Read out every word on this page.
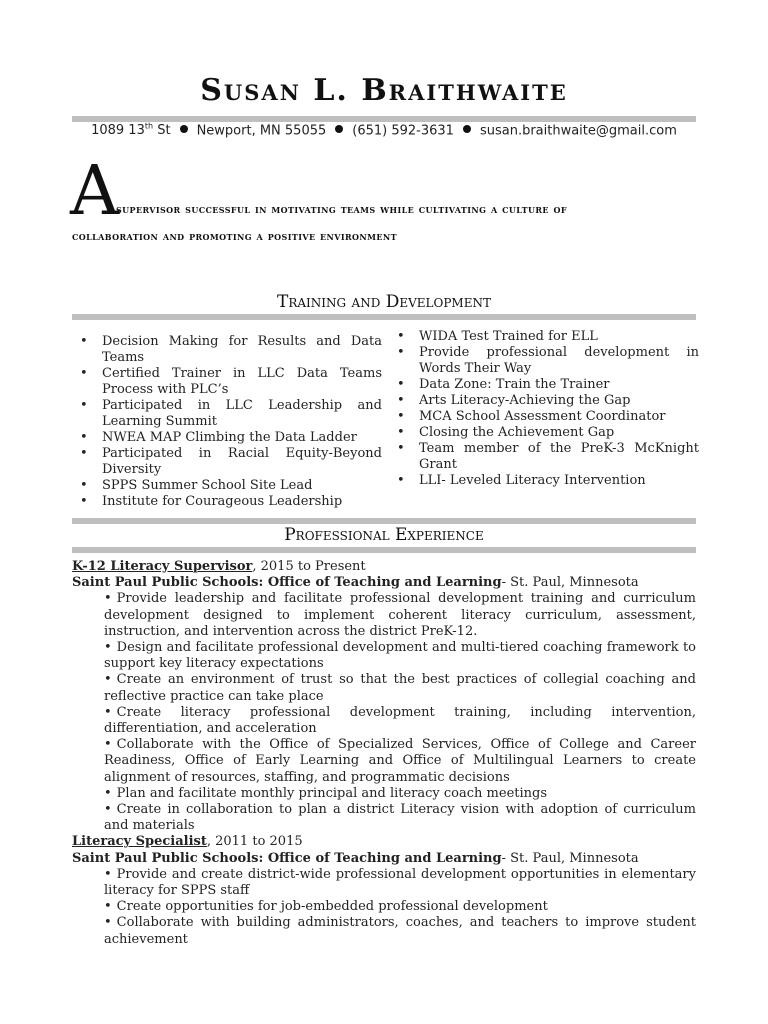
Susan L. Braithwaite
1089 13th St Newport, MN 55055 (651) 592-3631 susan.braithwaite@gmail.com
A
supervisor successful in motivating teams while cultivating a culture of
collaboration and promoting a positive environment
Training and Development
• Decision Making for Results and Data Teams
• Certified Trainer in LLC Data Teams Process with PLC’s
• Participated in LLC Leadership and Learning Summit
• NWEA MAP Climbing the Data Ladder
• Participated in Racial Equity-Beyond Diversity
• SPPS Summer School Site Lead
• Institute for Courageous Leadership
• WIDA Test Trained for ELL
• Provide professional development in Words Their Way
• Data Zone: Train the Trainer
• Arts Literacy-Achieving the Gap
• MCA School Assessment Coordinator
• Closing the Achievement Gap
• Team member of the PreK-3 McKnight Grant
• LLI- Leveled Literacy Intervention
Professional Experience
K-12 Literacy Supervisor, 2015 to Present
Saint Paul Public Schools: Office of Teaching and Learning- St. Paul, Minnesota
• Provide leadership and facilitate professional development training and curriculum development designed to implement coherent literacy curriculum, assessment, instruction, and intervention across the district PreK-12.
• Design and facilitate professional development and multi-tiered coaching framework to support key literacy expectations
• Create an environment of trust so that the best practices of collegial coaching and reflective practice can take place
• Create literacy professional development training, including intervention, differentiation, and acceleration
• Collaborate with the Office of Specialized Services, Office of College and Career Readiness, Office of Early Learning and Office of Multilingual Learners to create alignment of resources, staffing, and programmatic decisions
• Plan and facilitate monthly principal and literacy coach meetings
• Create in collaboration to plan a district Literacy vision with adoption of curriculum and materials
Literacy Specialist, 2011 to 2015
Saint Paul Public Schools: Office of Teaching and Learning- St. Paul, Minnesota
• Provide and create district-wide professional development opportunities in elementary literacy for SPPS staff
• Create opportunities for job-embedded professional development
• Collaborate with building administrators, coaches, and teachers to improve student achievement
